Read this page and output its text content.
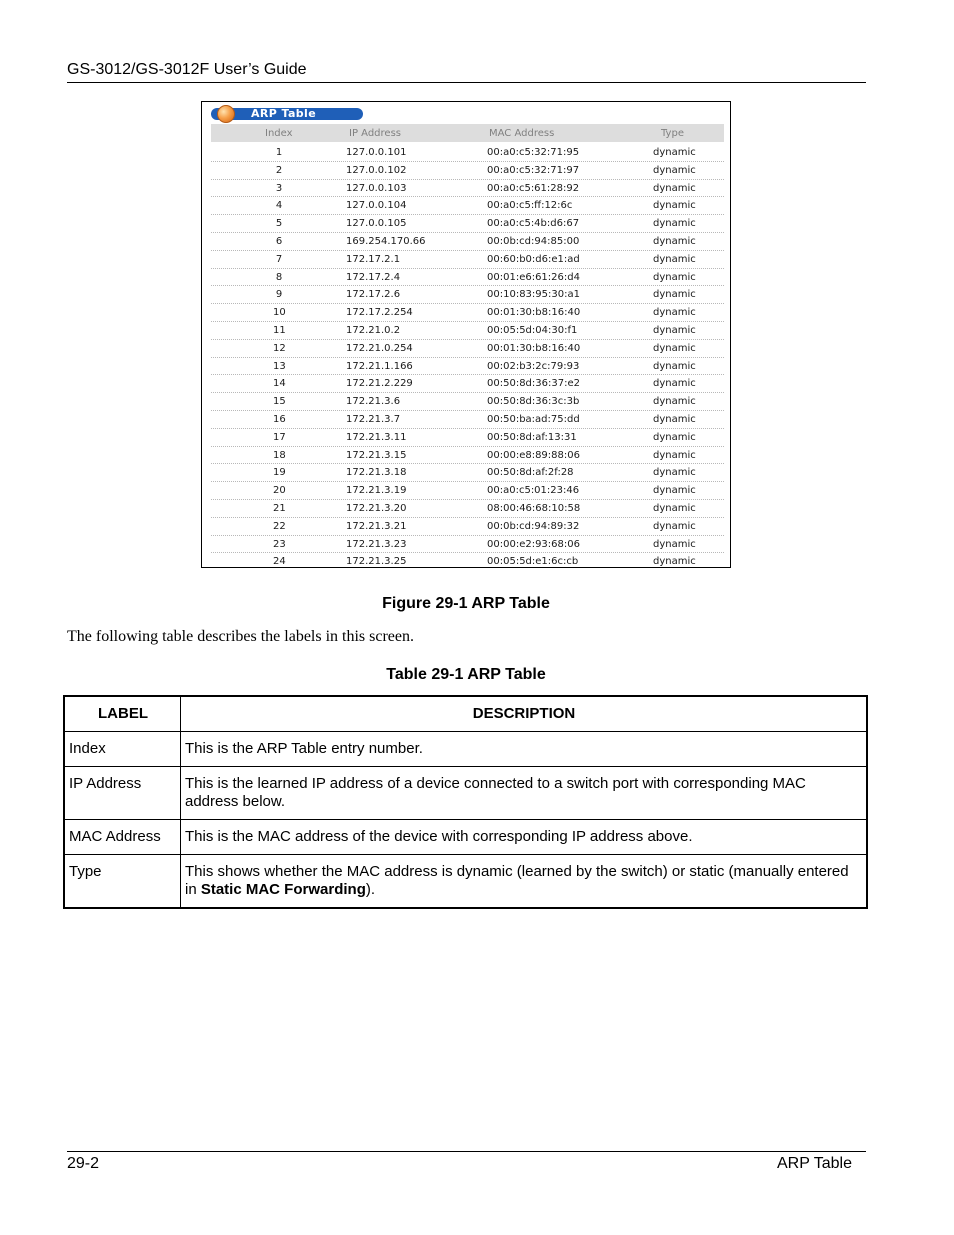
GS-3012/GS-3012F User’s Guide
ARP Table
Index	IP Address	MAC Address	Type
1	127.0.0.101	00:a0:c5:32:71:95	dynamic
2	127.0.0.102	00:a0:c5:32:71:97	dynamic
3	127.0.0.103	00:a0:c5:61:28:92	dynamic
4	127.0.0.104	00:a0:c5:ff:12:6c	dynamic
5	127.0.0.105	00:a0:c5:4b:d6:67	dynamic
6	169.254.170.66	00:0b:cd:94:85:00	dynamic
7	172.17.2.1	00:60:b0:d6:e1:ad	dynamic
8	172.17.2.4	00:01:e6:61:26:d4	dynamic
9	172.17.2.6	00:10:83:95:30:a1	dynamic
10	172.17.2.254	00:01:30:b8:16:40	dynamic
11	172.21.0.2	00:05:5d:04:30:f1	dynamic
12	172.21.0.254	00:01:30:b8:16:40	dynamic
13	172.21.1.166	00:02:b3:2c:79:93	dynamic
14	172.21.2.229	00:50:8d:36:37:e2	dynamic
15	172.21.3.6	00:50:8d:36:3c:3b	dynamic
16	172.21.3.7	00:50:ba:ad:75:dd	dynamic
17	172.21.3.11	00:50:8d:af:13:31	dynamic
18	172.21.3.15	00:00:e8:89:88:06	dynamic
19	172.21.3.18	00:50:8d:af:2f:28	dynamic
20	172.21.3.19	00:a0:c5:01:23:46	dynamic
21	172.21.3.20	08:00:46:68:10:58	dynamic
22	172.21.3.21	00:0b:cd:94:89:32	dynamic
23	172.21.3.23	00:00:e2:93:68:06	dynamic
24	172.21.3.25	00:05:5d:e1:6c:cb	dynamic
Figure 29-1 ARP Table
The following table describes the labels in this screen.
Table 29-1 ARP Table
LABEL	DESCRIPTION
Index	This is the ARP Table entry number.
IP Address	This is the learned IP address of a device connected to a switch port with corresponding MAC address below.
MAC Address	This is the MAC address of the device with corresponding IP address above.
Type	This shows whether the MAC address is dynamic (learned by the switch) or static (manually entered in Static MAC Forwarding).
29-2	ARP Table
